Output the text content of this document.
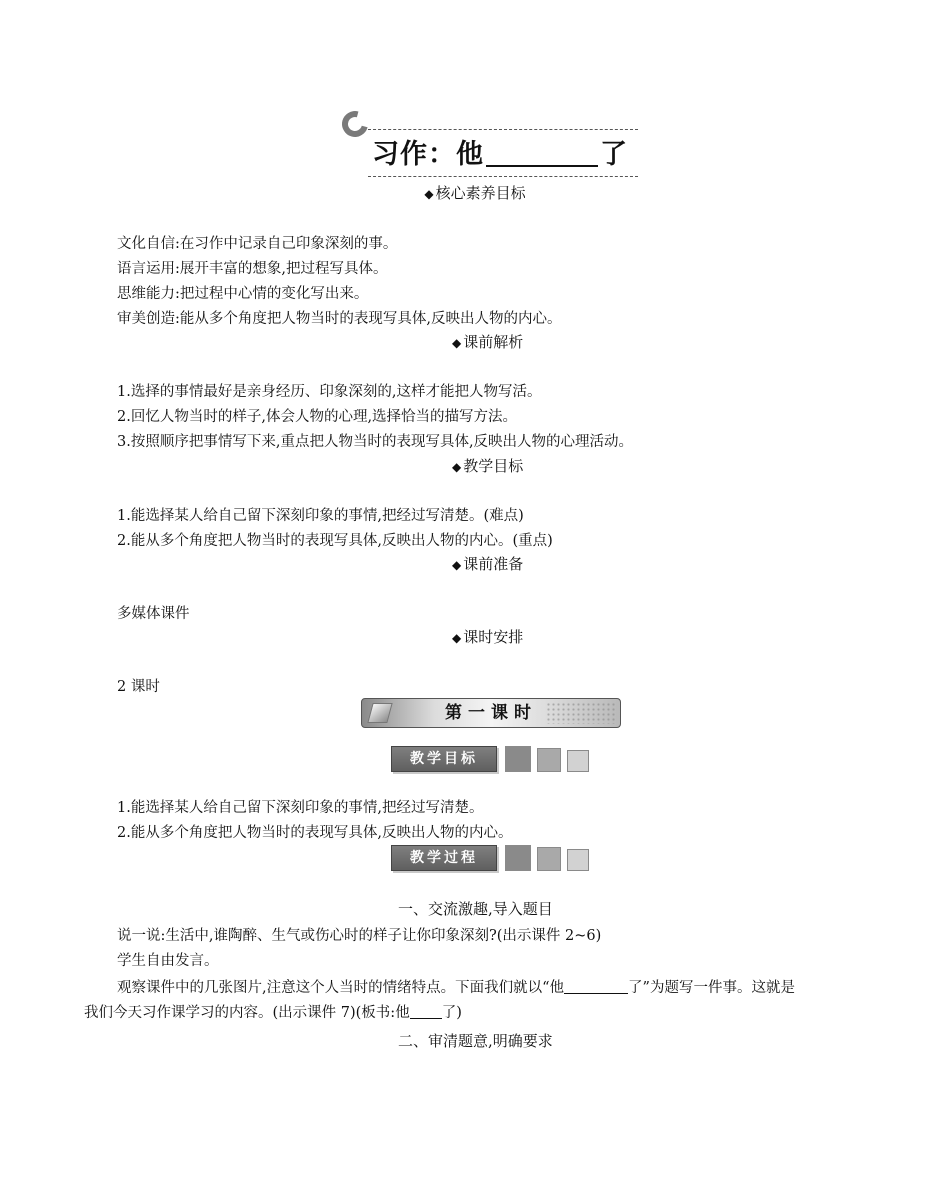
习作：他	了
◆ 核心素养目标
文化自信:在习作中记录自己印象深刻的事。
语言运用:展开丰富的想象,把过程写具体。
思维能力:把过程中心情的变化写出来。
审美创造:能从多个角度把人物当时的表现写具体,反映出人物的内心。
◆ 课前解析
1.选择的事情最好是亲身经历、印象深刻的,这样才能把人物写活。
2.回忆人物当时的样子,体会人物的心理,选择恰当的描写方法。
3.按照顺序把事情写下来,重点把人物当时的表现写具体,反映出人物的心理活动。
◆ 教学目标
1.能选择某人给自己留下深刻印象的事情,把经过写清楚。(难点)
2.能从多个角度把人物当时的表现写具体,反映出人物的内心。(重点)
◆ 课前准备
多媒体课件
◆ 课时安排
2 课时
第一课时
教学目标
1.能选择某人给自己留下深刻印象的事情,把经过写清楚。
2.能从多个角度把人物当时的表现写具体,反映出人物的内心。
教学过程
一、交流激趣,导入题目
说一说:生活中,谁陶醉、生气或伤心时的样子让你印象深刻?(出示课件 2~6)
学生自由发言。
观察课件中的几张图片,注意这个人当时的情绪特点。下面我们就以“他	了”为题写一件事。这就是
我们今天习作课学习的内容。(出示课件 7)(板书:他 了)
二、审清题意,明确要求
